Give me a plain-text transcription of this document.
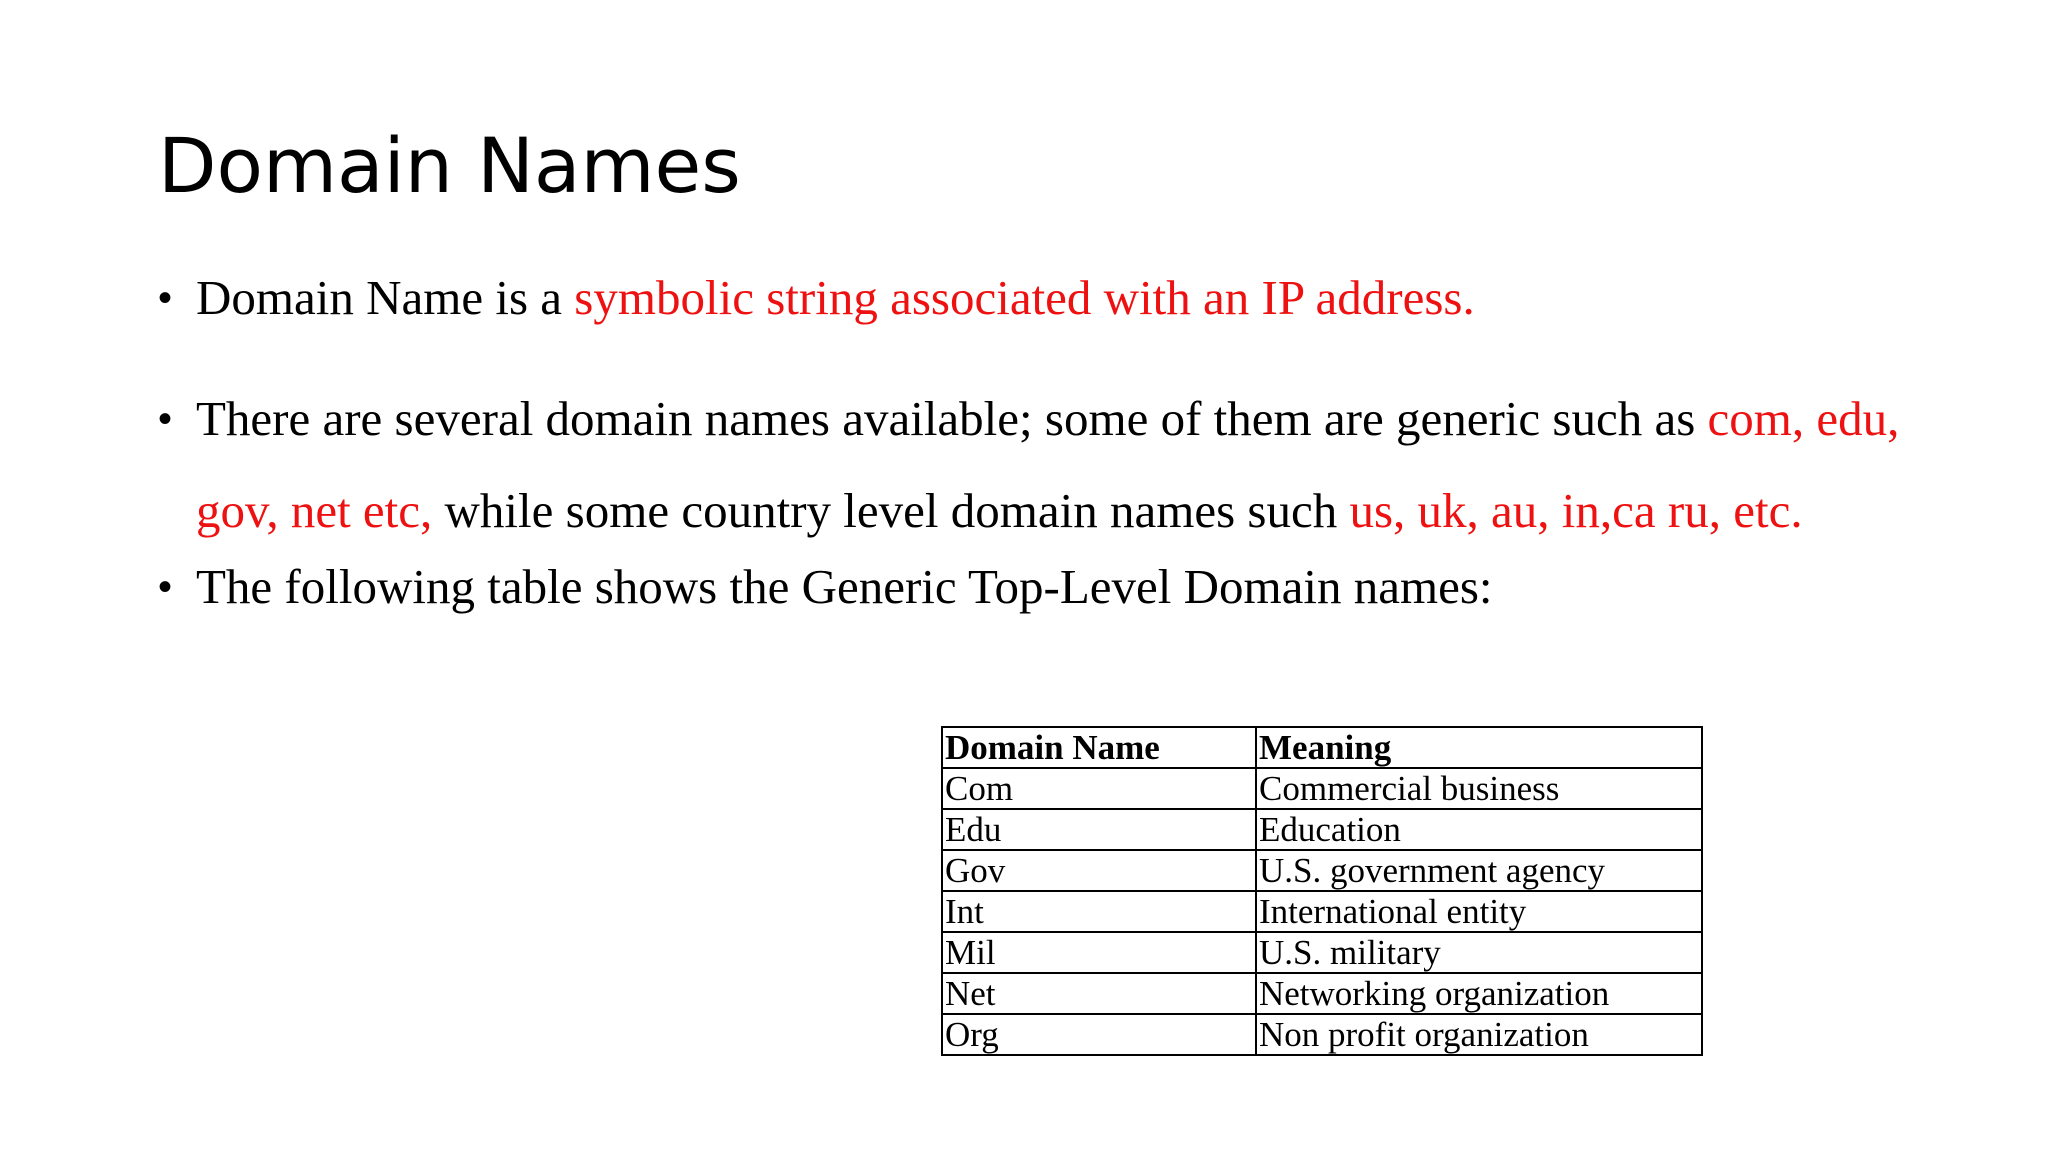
Domain Names
• Domain Name is a symbolic string associated with an IP address.
• There are several domain names available; some of them are generic such as com, edu, gov, net etc, while some country level domain names such us, uk, au, in,ca ru, etc.
• The following table shows the Generic Top-Level Domain names:
Domain Name	Meaning
Com	Commercial business
Edu	Education
Gov	U.S. government agency
Int	International entity
Mil	U.S. military
Net	Networking organization
Org	Non profit organization
